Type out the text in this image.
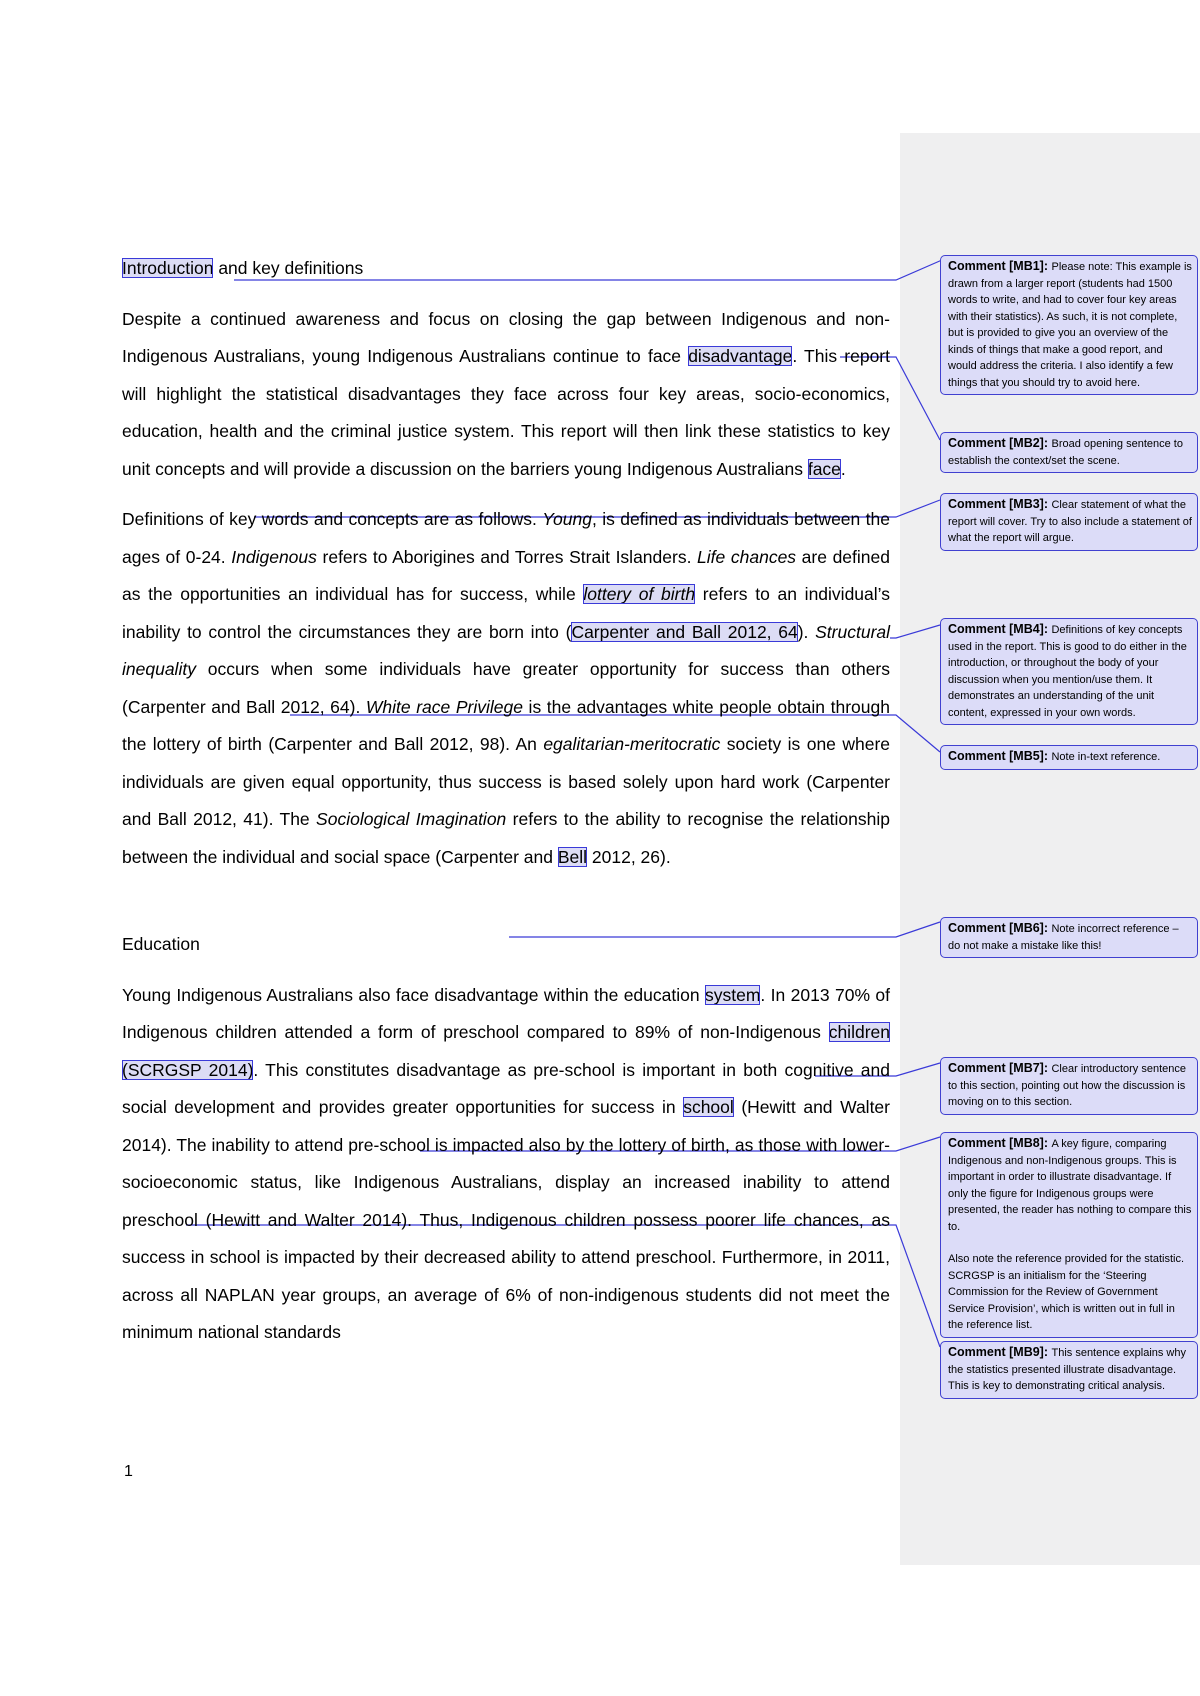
Introduction and key definitions

Despite a continued awareness and focus on closing the gap between Indigenous and non-Indigenous Australians, young Indigenous Australians continue to face disadvantage. This report will highlight the statistical disadvantages they face across four key areas, socio-economics, education, health and the criminal justice system. This report will then link these statistics to key unit concepts and will provide a discussion on the barriers young Indigenous Australians face.

Definitions of key words and concepts are as follows. Young, is defined as individuals between the ages of 0-24. Indigenous refers to Aborigines and Torres Strait Islanders. Life chances are defined as the opportunities an individual has for success, while lottery of birth refers to an individual’s inability to control the circumstances they are born into (Carpenter and Ball 2012, 64). Structural inequality occurs when some individuals have greater opportunity for success than others (Carpenter and Ball 2012, 64). White race Privilege is the advantages white people obtain through the lottery of birth (Carpenter and Ball 2012, 98). An egalitarian-meritocratic society is one where individuals are given equal opportunity, thus success is based solely upon hard work (Carpenter and Ball 2012, 41). The Sociological Imagination refers to the ability to recognise the relationship between the individual and social space (Carpenter and Bell 2012, 26).

Education

Young Indigenous Australians also face disadvantage within the education system. In 2013 70% of Indigenous children attended a form of preschool compared to 89% of non-Indigenous children (SCRGSP 2014). This constitutes disadvantage as pre-school is important in both cognitive and social development and provides greater opportunities for success in school (Hewitt and Walter 2014). The inability to attend pre-school is impacted also by the lottery of birth, as those with lower-socioeconomic status, like Indigenous Australians, display an increased inability to attend preschool (Hewitt and Walter 2014). Thus, Indigenous children possess poorer life chances, as success in school is impacted by their decreased ability to attend preschool. Furthermore, in 2011, across all NAPLAN year groups, an average of 6% of non-indigenous students did not meet the minimum national standards

1
Comment [MB1]: Please note: This example is drawn from a larger report (students had 1500 words to write, and had to cover four key areas with their statistics). As such, it is not complete, but is provided to give you an overview of the kinds of things that make a good report, and would address the criteria. I also identify a few things that you should try to avoid here.
Comment [MB2]: Broad opening sentence to establish the context/set the scene.
Comment [MB3]: Clear statement of what the report will cover. Try to also include a statement of what the report will argue.
Comment [MB4]: Definitions of key concepts used in the report. This is good to do either in the introduction, or throughout the body of your discussion when you mention/use them. It demonstrates an understanding of the unit content, expressed in your own words.
Comment [MB5]: Note in-text reference.
Comment [MB6]: Note incorrect reference – do not make a mistake like this!
Comment [MB7]: Clear introductory sentence to this section, pointing out how the discussion is moving on to this section.
Comment [MB8]: A key figure, comparing Indigenous and non-Indigenous groups. This is important in order to illustrate disadvantage. If only the figure for Indigenous groups were presented, the reader has nothing to compare this to.
Also note the reference provided for the statistic. SCRGSP is an initialism for the ‘Steering Commission for the Review of Government Service Provision’, which is written out in full in the reference list.
Comment [MB9]: This sentence explains why the statistics presented illustrate disadvantage. This is key to demonstrating critical analysis.
